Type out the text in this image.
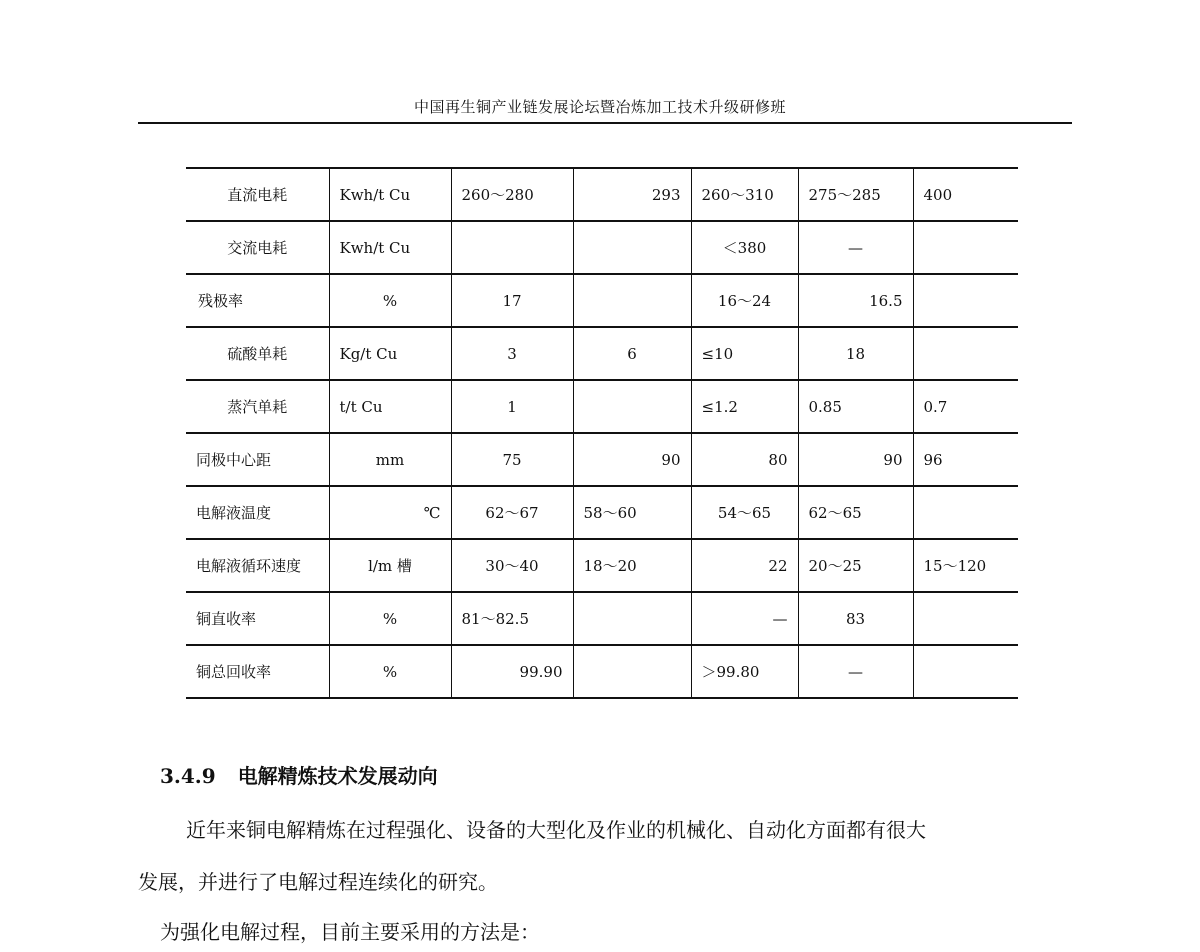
中国再生铜产业链发展论坛暨冶炼加工技术升级研修班
直流电耗	Kwh/t Cu	260～280	293	260～310	275～285	400
交流电耗	Kwh/t Cu			＜380	—	
残极率	%	17		16～24	16.5	
硫酸单耗	Kg/t Cu	3	6	≤10	18	
蒸汽单耗	t/t Cu	1		≤1.2	0.85	0.7
同极中心距	mm	75	90	80	90	96
电解液温度	℃	62～67	58～60	54～65	62～65	
电解液循环速度	l/m 槽	30～40	18～20	22	20～25	15～120
铜直收率	%	81～82.5		—	83	
铜总回收率	%	99.90		＞99.80	—	
3.4.9 电解精炼技术发展动向
近年来铜电解精炼在过程强化、设备的大型化及作业的机械化、自动化方面都有很大
发展，并进行了电解过程连续化的研究。
为强化电解过程，目前主要采用的方法是：
